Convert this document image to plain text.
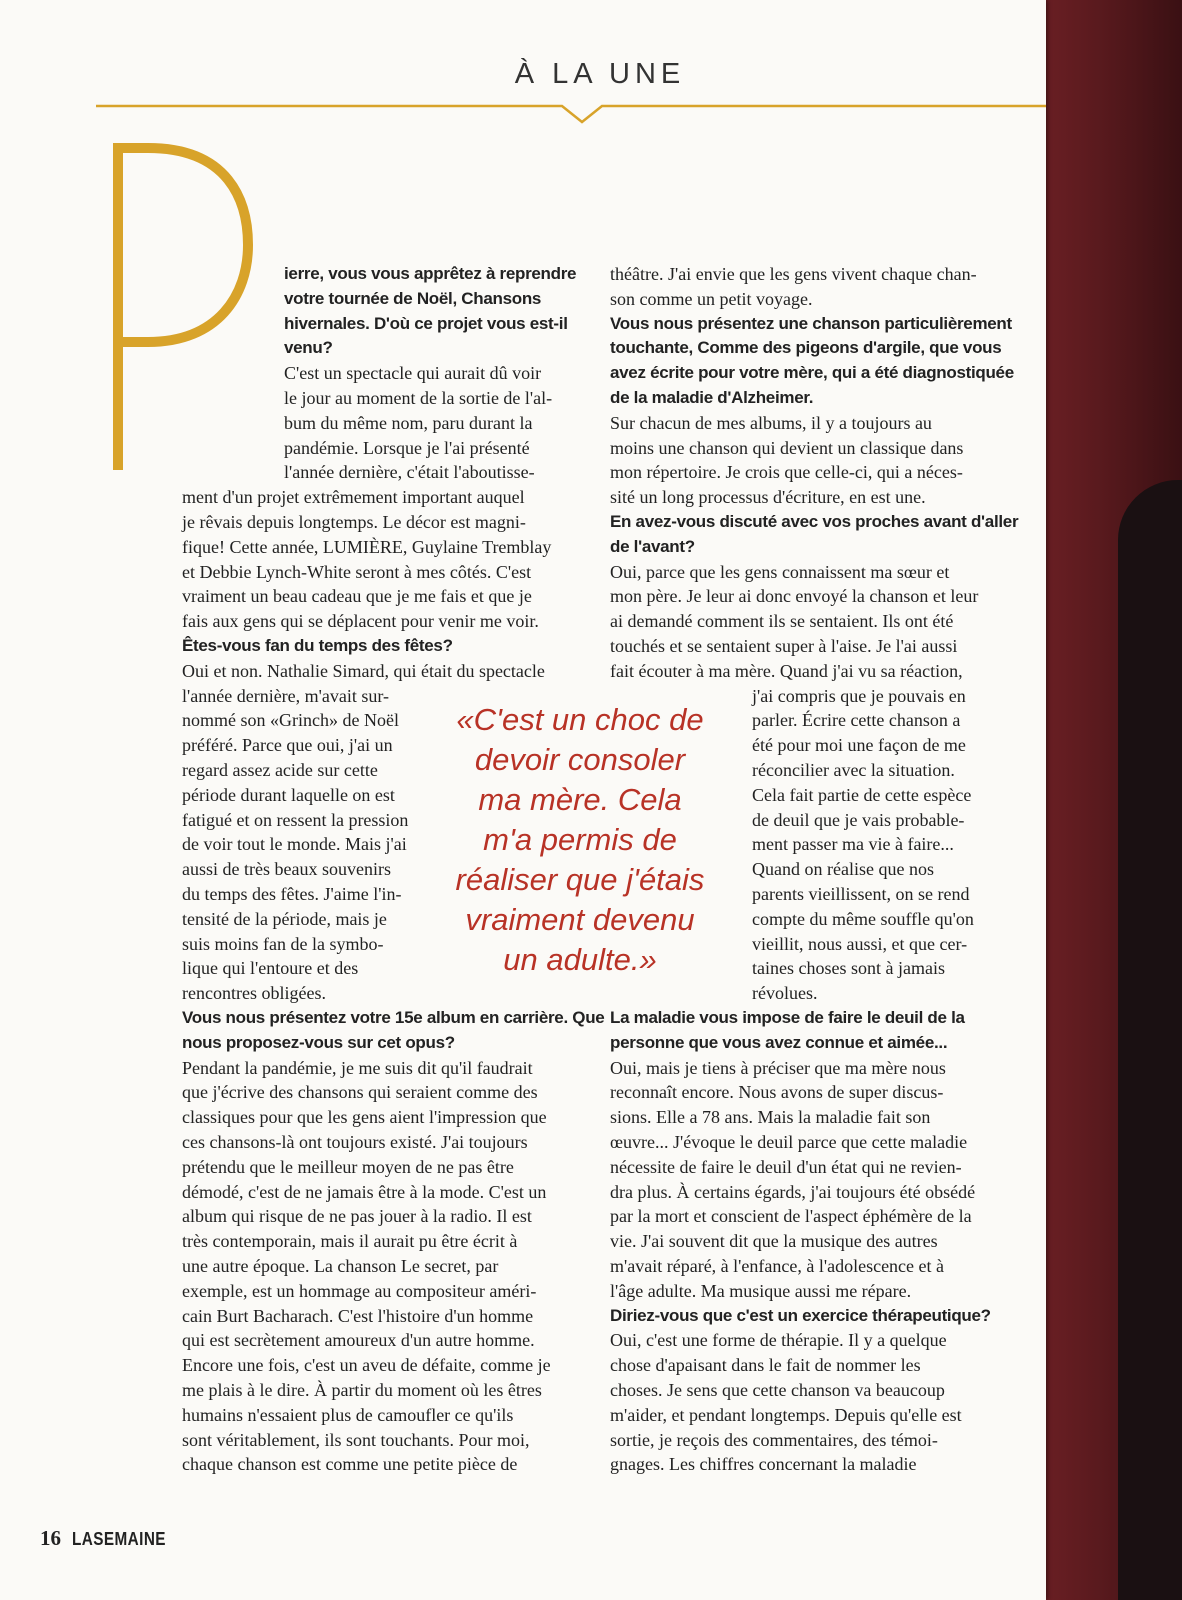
À LA UNE
«C'est un choc de
devoir consoler
ma mère. Cela
m'a permis de
réaliser que j'étais
vraiment devenu
un adulte.»
16 LASEMAINE
ierre, vous vous apprêtez à reprendre
votre tournée de Noël, Chansons
hivernales. D'où ce projet vous est-il
venu?
C'est un spectacle qui aurait dû voir
le jour au moment de la sortie de l'al-
bum du même nom, paru durant la
pandémie. Lorsque je l'ai présenté
l'année dernière, c'était l'aboutisse-
ment d'un projet extrêmement important auquel
je rêvais depuis longtemps. Le décor est magni-
fique! Cette année, LUMIÈRE, Guylaine Tremblay
et Debbie Lynch-White seront à mes côtés. C'est
vraiment un beau cadeau que je me fais et que je
fais aux gens qui se déplacent pour venir me voir.
Êtes-vous fan du temps des fêtes?
Oui et non. Nathalie Simard, qui était du spectacle
l'année dernière, m'avait sur-
nommé son «Grinch» de Noël
préféré. Parce que oui, j'ai un
regard assez acide sur cette
période durant laquelle on est
fatigué et on ressent la pression
de voir tout le monde. Mais j'ai
aussi de très beaux souvenirs
du temps des fêtes. J'aime l'in-
tensité de la période, mais je
suis moins fan de la symbo-
lique qui l'entoure et des
rencontres obligées.
Vous nous présentez votre 15e album en carrière. Que
nous proposez-vous sur cet opus?
Pendant la pandémie, je me suis dit qu'il faudrait
que j'écrive des chansons qui seraient comme des
classiques pour que les gens aient l'impression que
ces chansons-là ont toujours existé. J'ai toujours
prétendu que le meilleur moyen de ne pas être
démodé, c'est de ne jamais être à la mode. C'est un
album qui risque de ne pas jouer à la radio. Il est
très contemporain, mais il aurait pu être écrit à
une autre époque. La chanson Le secret, par
exemple, est un hommage au compositeur améri-
cain Burt Bacharach. C'est l'histoire d'un homme
qui est secrètement amoureux d'un autre homme.
Encore une fois, c'est un aveu de défaite, comme je
me plais à le dire. À partir du moment où les êtres
humains n'essaient plus de camoufler ce qu'ils
sont véritablement, ils sont touchants. Pour moi,
chaque chanson est comme une petite pièce de
théâtre. J'ai envie que les gens vivent chaque chan-
son comme un petit voyage.
Vous nous présentez une chanson particulièrement
touchante, Comme des pigeons d'argile, que vous
avez écrite pour votre mère, qui a été diagnostiquée
de la maladie d'Alzheimer.
Sur chacun de mes albums, il y a toujours au
moins une chanson qui devient un classique dans
mon répertoire. Je crois que celle-ci, qui a néces-
sité un long processus d'écriture, en est une.
En avez-vous discuté avec vos proches avant d'aller
de l'avant?
Oui, parce que les gens connaissent ma sœur et
mon père. Je leur ai donc envoyé la chanson et leur
ai demandé comment ils se sentaient. Ils ont été
touchés et se sentaient super à l'aise. Je l'ai aussi
fait écouter à ma mère. Quand j'ai vu sa réaction,
j'ai compris que je pouvais en
parler. Écrire cette chanson a
été pour moi une façon de me
réconcilier avec la situation.
Cela fait partie de cette espèce
de deuil que je vais probable-
ment passer ma vie à faire...
Quand on réalise que nos
parents vieillissent, on se rend
compte du même souffle qu'on
vieillit, nous aussi, et que cer-
taines choses sont à jamais
révolues.
La maladie vous impose de faire le deuil de la
personne que vous avez connue et aimée...
Oui, mais je tiens à préciser que ma mère nous
reconnaît encore. Nous avons de super discus-
sions. Elle a 78 ans. Mais la maladie fait son
œuvre... J'évoque le deuil parce que cette maladie
nécessite de faire le deuil d'un état qui ne revien-
dra plus. À certains égards, j'ai toujours été obsédé
par la mort et conscient de l'aspect éphémère de la
vie. J'ai souvent dit que la musique des autres
m'avait réparé, à l'enfance, à l'adolescence et à
l'âge adulte. Ma musique aussi me répare.
Diriez-vous que c'est un exercice thérapeutique?
Oui, c'est une forme de thérapie. Il y a quelque
chose d'apaisant dans le fait de nommer les
choses. Je sens que cette chanson va beaucoup
m'aider, et pendant longtemps. Depuis qu'elle est
sortie, je reçois des commentaires, des témoi-
gnages. Les chiffres concernant la maladie
